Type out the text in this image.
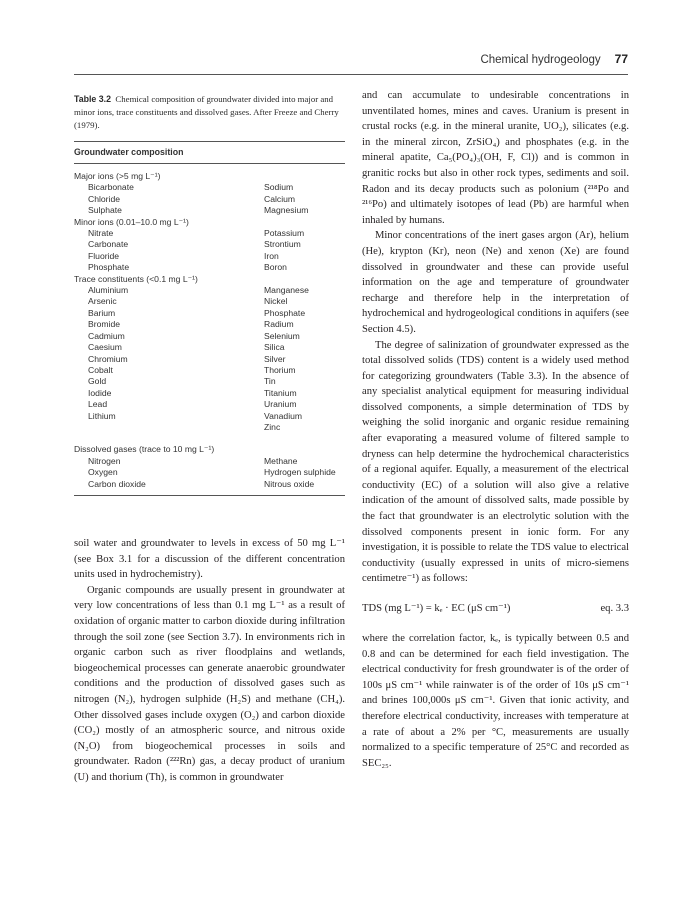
Chemical hydrogeology 77
Table 3.2 Chemical composition of groundwater divided into major and minor ions, trace constituents and dissolved gases. After Freeze and Cherry (1979).
Groundwater composition
Major ions (>5 mg L⁻¹)
Bicarbonate	Sodium
Chloride	Calcium
Sulphate	Magnesium
Minor ions (0.01–10.0 mg L⁻¹)
Nitrate	Potassium
Carbonate	Strontium
Fluoride	Iron
Phosphate	Boron
Trace constituents (<0.1 mg L⁻¹)
Aluminium	Manganese
Arsenic	Nickel
Barium	Phosphate
Bromide	Radium
Cadmium	Selenium
Caesium	Silica
Chromium	Silver
Cobalt	Thorium
Gold	Tin
Iodide	Titanium
Lead	Uranium
Lithium	Vanadium
Zinc
Dissolved gases (trace to 10 mg L⁻¹)
Nitrogen	Methane
Oxygen	Hydrogen sulphide
Carbon dioxide	Nitrous oxide

soil water and groundwater to levels in excess of 50 mg L⁻¹ (see Box 3.1 for a discussion of the different concentration units used in hydrochemistry).

Organic compounds are usually present in groundwater at very low concentrations of less than 0.1 mg L⁻¹ as a result of oxidation of organic matter to carbon dioxide during infiltration through the soil zone (see Section 3.7). In environments rich in organic carbon such as river floodplains and wetlands, biogeochemical processes can generate anaerobic groundwater conditions and the production of dissolved gases such as nitrogen (N₂), hydrogen sulphide (H₂S) and methane (CH₄). Other dissolved gases include oxygen (O₂) and carbon dioxide (CO₂) mostly of an atmospheric source, and nitrous oxide (N₂O) from biogeochemical processes in soils and groundwater. Radon (²²²Rn) gas, a decay product of uranium (U) and thorium (Th), is common in groundwater

and can accumulate to undesirable concentrations in unventilated homes, mines and caves. Uranium is present in crustal rocks (e.g. in the mineral uranite, UO₂), silicates (e.g. in the mineral zircon, ZrSiO₄) and phosphates (e.g. in the mineral apatite, Ca₅(PO₄)₃(OH, F, Cl)) and is common in granitic rocks but also in other rock types, sediments and soil. Radon and its decay products such as polonium (²¹⁸Po and ²¹⁶Po) and ultimately isotopes of lead (Pb) are harmful when inhaled by humans.

Minor concentrations of the inert gases argon (Ar), helium (He), krypton (Kr), neon (Ne) and xenon (Xe) are found dissolved in groundwater and these can provide useful information on the age and temperature of groundwater recharge and therefore help in the interpretation of hydrochemical and hydrogeological conditions in aquifers (see Section 4.5).

The degree of salinization of groundwater expressed as the total dissolved solids (TDS) content is a widely used method for categorizing groundwaters (Table 3.3). In the absence of any specialist analytical equipment for measuring individual dissolved components, a simple determination of TDS by weighing the solid inorganic and organic residue remaining after evaporating a measured volume of filtered sample to dryness can help determine the hydrochemical characteristics of a regional aquifer. Equally, a measurement of the electrical conductivity (EC) of a solution will also give a relative indication of the amount of dissolved salts, made possible by the fact that groundwater is an electrolytic solution with the dissolved components present in ionic form. For any investigation, it is possible to relate the TDS value to electrical conductivity (usually expressed in units of micro-siemens centimetre⁻¹) as follows:

TDS (mg L⁻¹) = kₑ · EC (μS cm⁻¹)	eq. 3.3

where the correlation factor, kₑ, is typically between 0.5 and 0.8 and can be determined for each field investigation. The electrical conductivity for fresh groundwater is of the order of 100s μS cm⁻¹ while rainwater is of the order of 10s μS cm⁻¹ and brines 100,000s μS cm⁻¹. Given that ionic activity, and therefore electrical conductivity, increases with temperature at a rate of about a 2% per °C, measurements are usually normalized to a specific temperature of 25°C and recorded as SEC₂₅.
